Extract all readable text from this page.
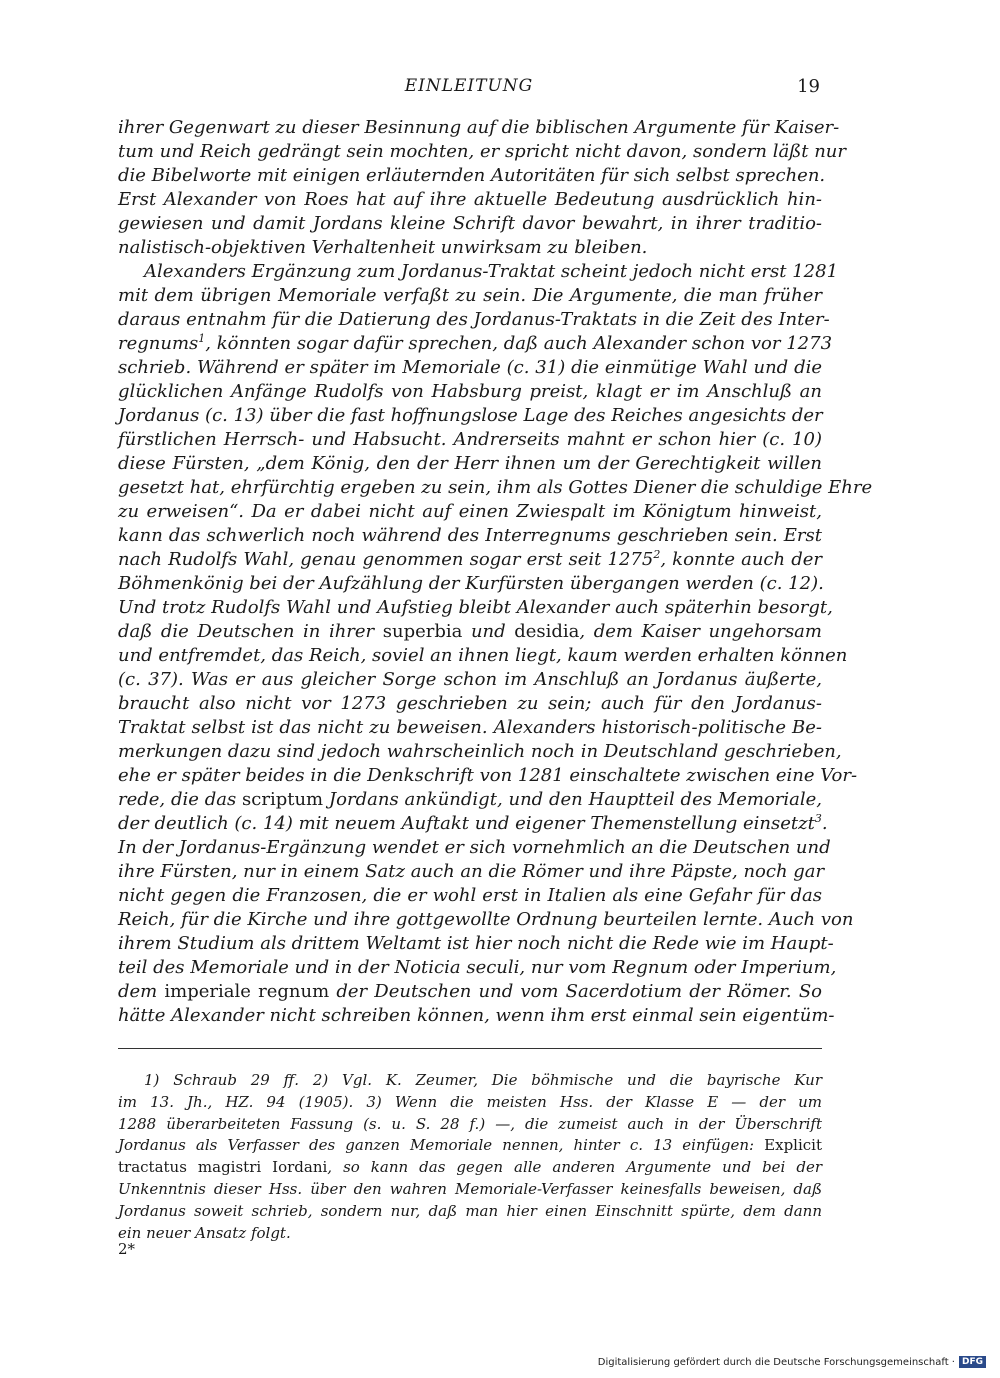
EINLEITUNG	19
ihrer Gegenwart zu dieser Besinnung auf die biblischen Argumente für Kaiser-
tum und Reich gedrängt sein mochten, er spricht nicht davon, sondern läßt nur
die Bibelworte mit einigen erläuternden Autoritäten für sich selbst sprechen.
Erst Alexander von Roes hat auf ihre aktuelle Bedeutung ausdrücklich hin-
gewiesen und damit Jordans kleine Schrift davor bewahrt, in ihrer traditio-
nalistisch-objektiven Verhaltenheit unwirksam zu bleiben.
Alexanders Ergänzung zum Jordanus-Traktat scheint jedoch nicht erst 1281
mit dem übrigen Memoriale verfaßt zu sein. Die Argumente, die man früher
daraus entnahm für die Datierung des Jordanus-Traktats in die Zeit des Inter-
regnums$^1$, könnten sogar dafür sprechen, daß auch Alexander schon vor 1273
schrieb. Während er später im Memoriale (c. 31) die einmütige Wahl und die
glücklichen Anfänge Rudolfs von Habsburg preist, klagt er im Anschluß an
Jordanus (c. 13) über die fast hoffnungslose Lage des Reiches angesichts der
fürstlichen Herrsch- und Habsucht. Andrerseits mahnt er schon hier (c. 10)
diese Fürsten, „dem König, den der Herr ihnen um der Gerechtigkeit willen
gesetzt hat, ehrfürchtig ergeben zu sein, ihm als Gottes Diener die schuldige Ehre
zu erweisen“. Da er dabei nicht auf einen Zwiespalt im Königtum hinweist,
kann das schwerlich noch während des Interregnums geschrieben sein. Erst
nach Rudolfs Wahl, genau genommen sogar erst seit 1275$^2$, konnte auch der
Böhmenkönig bei der Aufzählung der Kurfürsten übergangen werden (c. 12).
Und trotz Rudolfs Wahl und Aufstieg bleibt Alexander auch späterhin besorgt,
daß die Deutschen in ihrer superbia und desidia, dem Kaiser ungehorsam
und entfremdet, das Reich, soviel an ihnen liegt, kaum werden erhalten können
(c. 37). Was er aus gleicher Sorge schon im Anschluß an Jordanus äußerte,
braucht also nicht vor 1273 geschrieben zu sein; auch für den Jordanus-
Traktat selbst ist das nicht zu beweisen. Alexanders historisch-politische Be-
merkungen dazu sind jedoch wahrscheinlich noch in Deutschland geschrieben,
ehe er später beides in die Denkschrift von 1281 einschaltete zwischen eine Vor-
rede, die das scriptum Jordans ankündigt, und den Hauptteil des Memoriale,
der deutlich (c. 14) mit neuem Auftakt und eigener Themenstellung einsetzt$^3$.
In der Jordanus-Ergänzung wendet er sich vornehmlich an die Deutschen und
ihre Fürsten, nur in einem Satz auch an die Römer und ihre Päpste, noch gar
nicht gegen die Franzosen, die er wohl erst in Italien als eine Gefahr für das
Reich, für die Kirche und ihre gottgewollte Ordnung beurteilen lernte. Auch von
ihrem Studium als drittem Weltamt ist hier noch nicht die Rede wie im Haupt-
teil des Memoriale und in der Noticia seculi, nur vom Regnum oder Imperium,
dem imperiale regnum der Deutschen und vom Sacerdotium der Römer. So
hätte Alexander nicht schreiben können, wenn ihm erst einmal sein eigentüm-
1) Schraub 29 ff. 2) Vgl. K. Zeumer, Die böhmische und die bayrische Kur
im 13. Jh., HZ. 94 (1905). 3) Wenn die meisten Hss. der Klasse E — der um
1288 überarbeiteten Fassung (s. u. S. 28 f.) —, die zumeist auch in der Überschrift
Jordanus als Verfasser des ganzen Memoriale nennen, hinter c. 13 einfügen: Explicit
tractatus magistri Iordani, so kann das gegen alle anderen Argumente und bei der
Unkenntnis dieser Hss. über den wahren Memoriale-Verfasser keinesfalls beweisen, daß
Jordanus soweit schrieb, sondern nur, daß man hier einen Einschnitt spürte, dem dann
ein neuer Ansatz folgt.
2*
Digitalisierung gefördert durch die Deutsche Forschungsgemeinschaft · DFG
